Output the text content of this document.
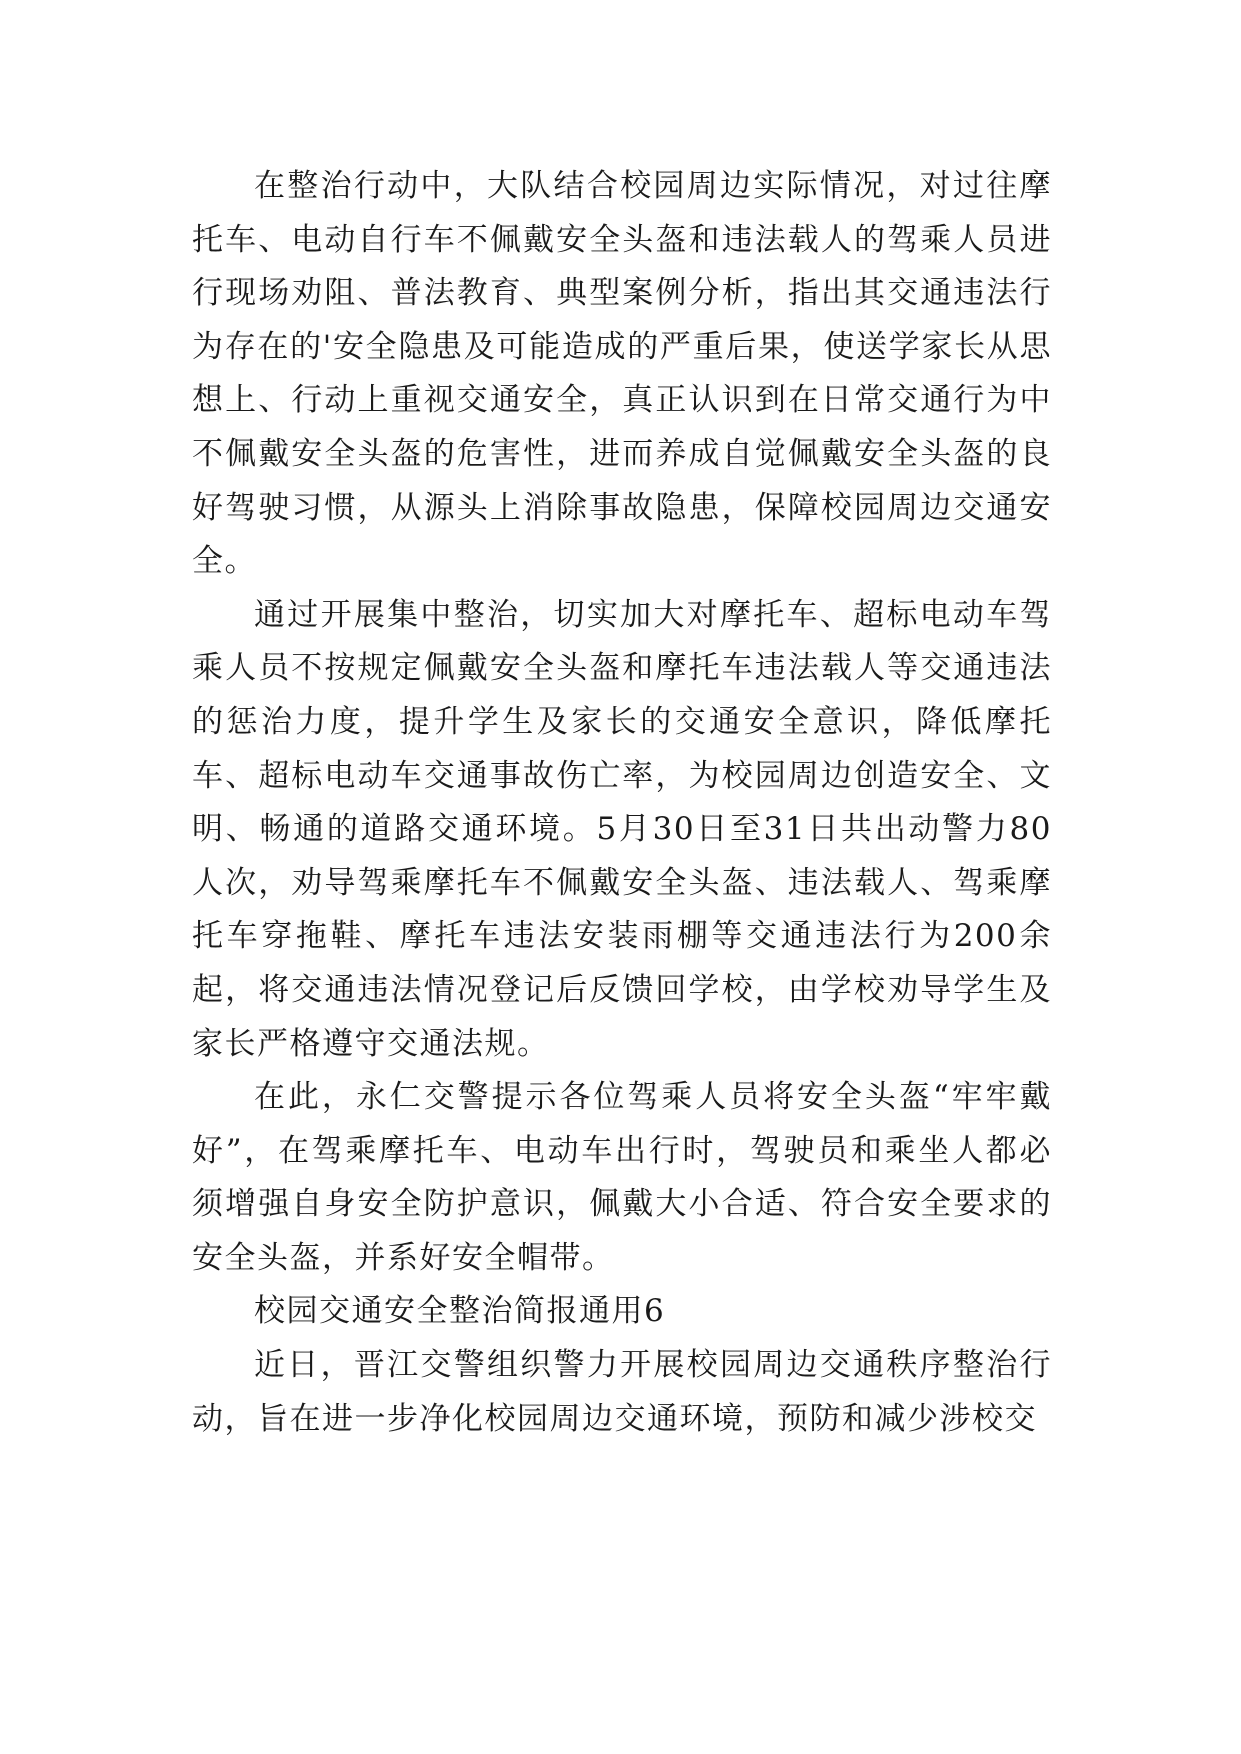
在整治行动中，大队结合校园周边实际情况，对过往摩托车、电动自行车不佩戴安全头盔和违法载人的驾乘人员进行现场劝阻、普法教育、典型案例分析，指出其交通违法行为存在的'安全隐患及可能造成的严重后果，使送学家长从思想上、行动上重视交通安全，真正认识到在日常交通行为中不佩戴安全头盔的危害性，进而养成自觉佩戴安全头盔的良好驾驶习惯，从源头上消除事故隐患，保障校园周边交通安全。

通过开展集中整治，切实加大对摩托车、超标电动车驾乘人员不按规定佩戴安全头盔和摩托车违法载人等交通违法的惩治力度，提升学生及家长的交通安全意识，降低摩托车、超标电动车交通事故伤亡率，为校园周边创造安全、文明、畅通的道路交通环境。5月30日至31日共出动警力80人次，劝导驾乘摩托车不佩戴安全头盔、违法载人、驾乘摩托车穿拖鞋、摩托车违法安装雨棚等交通违法行为200余起，将交通违法情况登记后反馈回学校，由学校劝导学生及家长严格遵守交通法规。

在此，永仁交警提示各位驾乘人员将安全头盔“牢牢戴好”，在驾乘摩托车、电动车出行时，驾驶员和乘坐人都必须增强自身安全防护意识，佩戴大小合适、符合安全要求的安全头盔，并系好安全帽带。

校园交通安全整治简报通用6

近日，晋江交警组织警力开展校园周边交通秩序整治行动，旨在进一步净化校园周边交通环境，预防和减少涉校交
